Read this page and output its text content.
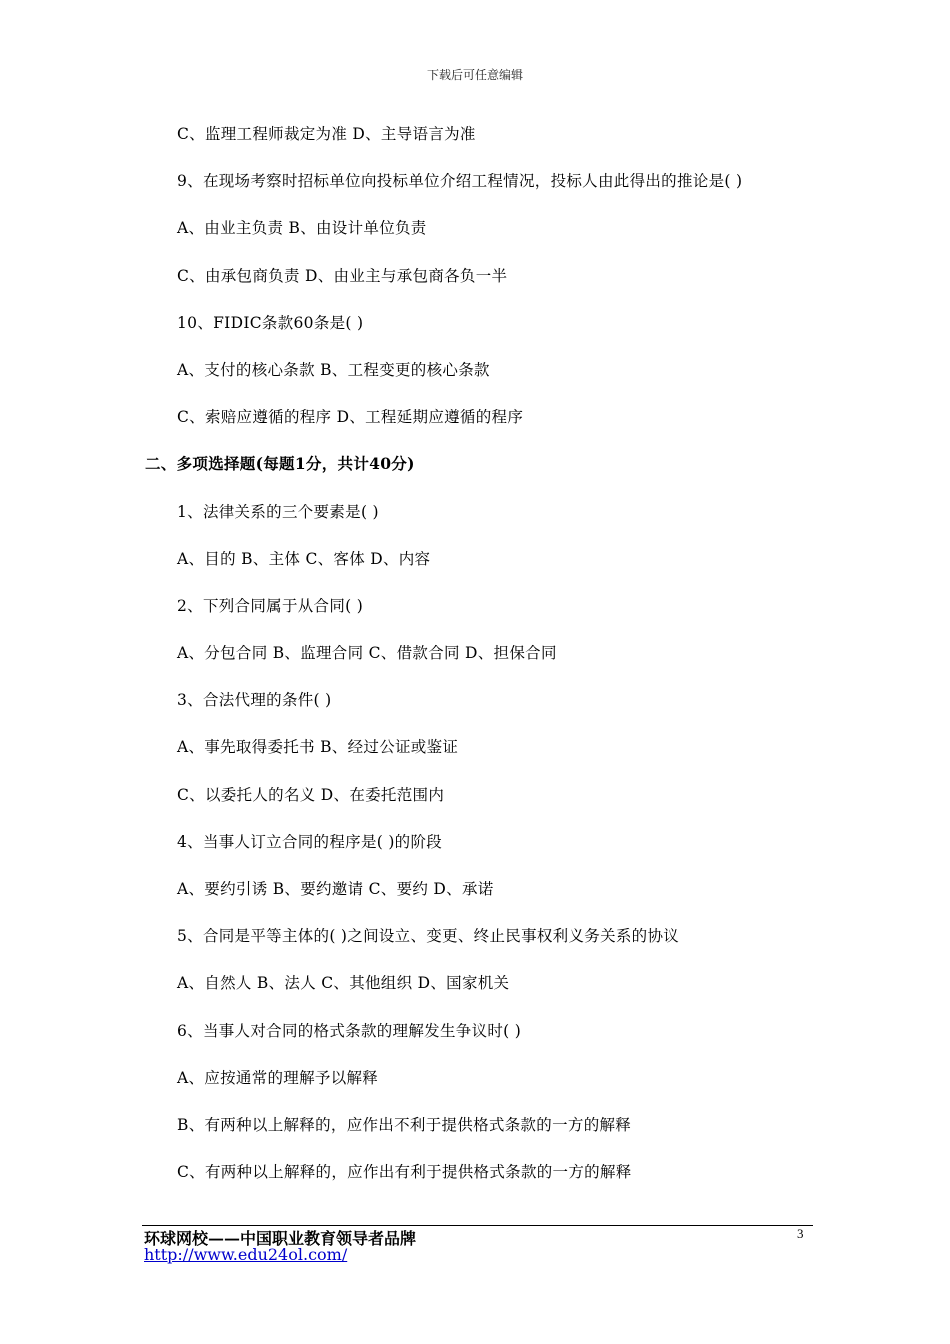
下载后可任意编辑
C、监理工程师裁定为准 D、主导语言为准
9、在现场考察时招标单位向投标单位介绍工程情况，投标人由此得出的推论是( )
A、由业主负责 B、由设计单位负责
C、由承包商负责 D、由业主与承包商各负一半
10、FIDIC条款60条是( )
A、支付的核心条款 B、工程变更的核心条款
C、索赔应遵循的程序 D、工程延期应遵循的程序
二、多项选择题(每题1分，共计40分)
1、法律关系的三个要素是( )
A、目的 B、主体 C、客体 D、内容
2、下列合同属于从合同( )
A、分包合同 B、监理合同 C、借款合同 D、担保合同
3、合法代理的条件( )
A、事先取得委托书 B、经过公证或鉴证
C、以委托人的名义 D、在委托范围内
4、当事人订立合同的程序是( )的阶段
A、要约引诱 B、要约邀请 C、要约 D、承诺
5、合同是平等主体的( )之间设立、变更、终止民事权利义务关系的协议
A、自然人 B、法人 C、其他组织 D、国家机关
6、当事人对合同的格式条款的理解发生争议时( )
A、应按通常的理解予以解释
B、有两种以上解释的，应作出不利于提供格式条款的一方的解释
C、有两种以上解释的，应作出有利于提供格式条款的一方的解释
环球网校——中国职业教育领导者品牌
http://www.edu24ol.com/
3
